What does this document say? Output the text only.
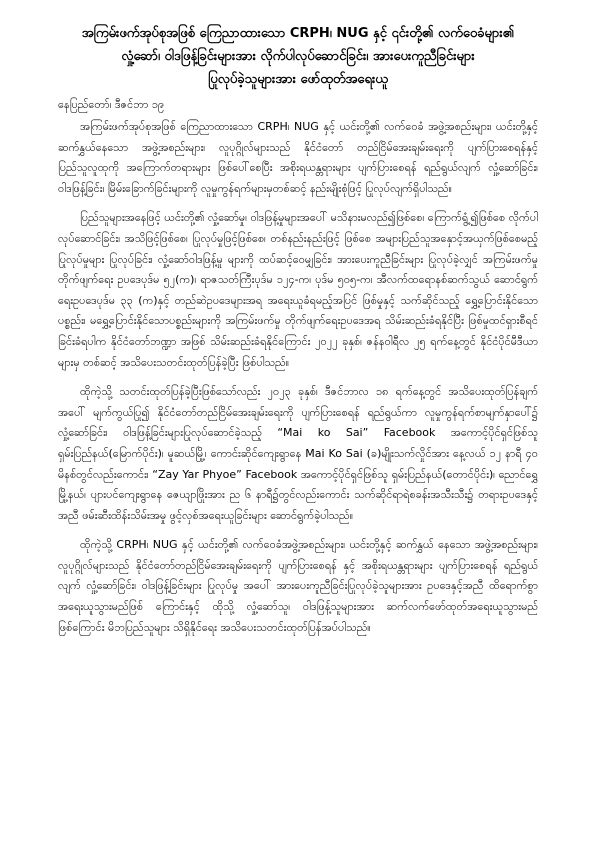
အကြမ်းဖက်အုပ်စုအဖြစ် ကြေညာထားသော CRPH၊ NUG နှင့် ၎င်းတို့၏ လက်ဝေခံများ၏
လှုံ့ဆော်၊ ဝါဒဖြန့်ခြင်းများအား လိုက်ပါလုပ်ဆောင်ခြင်း၊ အားပေးကူညီခြင်းများ
ပြုလုပ်ခဲ့သူများအား ဖော်ထုတ်အရေးယူ
နေပြည်တော်၊ ဒီဇင်ဘာ ၁၉

အကြမ်းဖက်အုပ်စုအဖြစ် ကြေညာထားသော CRPH၊ NUG နှင့် ယင်းတို့၏ လက်ဝေခံ အဖွဲ့အစည်းများ၊ ယင်းတို့နှင့် ဆက်နွှယ်နေသော အဖွဲ့အစည်းများ၊ လူပုဂ္ဂိုလ်များသည် နိုင်ငံတော် တည်ငြိမ်အေးချမ်းရေးကို ပျက်ပြားစေရန်နှင့် ပြည်သူလူထုကို အကြောက်တရားများ ဖြစ်ပေါ်စေပြီး အစိုးရယန္တရားများ ပျက်ပြားစေရန် ရည်ရွယ်လျက် လှုံ့ဆော်ခြင်း၊ ဝါဒဖြန့်ခြင်း၊ မြိမ်းခြောက်ခြင်းများကို လူမှုကွန်ရက်များမှတစ်ဆင့် နည်းမျိုးစုံဖြင့် ပြုလုပ်လျက်ရှိပါသည်။

ပြည်သူများအနေဖြင့် ယင်းတို့၏ လှုံ့ဆော်မှု၊ ဝါဒဖြန့်မှုများအပေါ် မသိနားမလည်၍ဖြစ်စေ၊ ကြောက်ရွံ့၍ဖြစ်စေ လိုက်ပါလုပ်ဆောင်ခြင်း၊ အသိဖြင့်ဖြစ်စေ၊ ပြုလုပ်မှုဖြင့်ဖြစ်စေ၊ တစ်နည်းနည်းဖြင့် ဖြစ်စေ အများပြည်သူအနှောင့်အယှက်ဖြစ်စေမည့် ပြုလုပ်မှုများ ပြုလုပ်ခြင်း၊ လှုံ့ဆော်ဝါဒဖြန့်မှု များကို ထပ်ဆင့်ဝေမျှခြင်း၊ အားပေးကူညီခြင်းများ ပြုလုပ်ခဲ့လျှင် အကြမ်းဖက်မှုတိုက်ဖျက်ရေး ဥပဒေပုဒ်မ ၅၂(က)၊ ရာဇသတ်ကြီးပုဒ်မ ၁၂၄-က၊ ပုဒ်မ ၅၀၅-က၊ အီလက်ထရောနစ်ဆက်သွယ် ဆောင်ရွက်ရေးဥပဒေပုဒ်မ ၃၃ (က)နှင့် တည်ဆဲဥပဒေများအရ အရေးယူခံရမည့်အပြင် ဖြစ်မှုနှင့် သက်ဆိုင်သည့် ရွှေ့ပြောင်းနိုင်သောပစ္စည်း၊ မရွှေ့ပြောင်းနိုင်သောပစ္စည်းများကို အကြမ်းဖက်မှု တိုက်ဖျက်ရေးဥပဒေအရ သိမ်းဆည်းခံရနိုင်ပြီး ဖြစ်မှုထင်ရှားစီရင်ခြင်းခံရပါက နိုင်ငံတော်ဘဏ္ဍာ အဖြစ် သိမ်းဆည်းခံရနိုင်ကြောင်း ၂၀၂၂ ခုနှစ်၊ ဇန်နဝါရီလ ၂၅ ရက်နေ့တွင် နိုင်ငံပိုင်မီဒီယာများမှ တစ်ဆင့် အသိပေးသတင်းထုတ်ပြန်ခဲ့ပြီး ဖြစ်ပါသည်။

ထိုကဲ့သို့ သတင်းထုတ်ပြန်ခဲ့ပြီးဖြစ်သော်လည်း ၂၀၂၃ ခုနှစ်၊ ဒီဇင်ဘာလ ၁၈ ရက်နေ့တွင် အသိပေးထုတ်ပြန်ချက်အပေါ် မျက်ကွယ်ပြု၍ နိုင်ငံတော်တည်ငြိမ်အေးချမ်းရေးကို ပျက်ပြားစေရန် ရည်ရွယ်ကာ လူမှုကွန်ရက်စာမျက်နှာပေါ်၌ လှုံ့ဆော်ခြင်း၊ ဝါဒဖြန့်ခြင်းများပြုလုပ်ဆောင်ခဲ့သည့် “Mai ko Sai” Facebook အကောင့်ပိုင်ရှင်ဖြစ်သူ ရှမ်းပြည်နယ်(မြောက်ပိုင်း)၊ မူဆယ်မြို့၊ ကောင်းဆိုင်ကျေးရွာနေ Mai Ko Sai (ခ)မျိုးသက်လှိုင်အား နေ့လယ် ၁၂ နာရီ ၄၀ မိနစ်တွင်လည်းကောင်း၊ “Zay Yar Phyoe” Facebook အကောင့်ပိုင်ရှင်ဖြစ်သူ ရှမ်းပြည်နယ်(တောင်ပိုင်း)၊ ညောင်ရွှေမြို့နယ်၊ ပျားပင်ကျေးရွာနေ ဇေယျာဖြိုးအား ည ၆ နာရီ၌တွင်လည်းကောင်း သက်ဆိုင်ရာရဲစခန်းအသီးသီး၌ တရားဥပဒေနှင့်အညီ ဖမ်းဆီးထိန်းသိမ်းအမှု ဖွင့်လှစ်အရေးယူခြင်းများ ဆောင်ရွက်ခဲ့ပါသည်။

ထိုကဲ့သို့ CRPH၊ NUG နှင့် ယင်းတို့၏ လက်ဝေခံအဖွဲ့အစည်းများ၊ ယင်းတို့နှင့် ဆက်နွှယ် နေသော အဖွဲ့အစည်းများ၊ လူပုဂ္ဂိုလ်များသည် နိုင်ငံတော်တည်ငြိမ်အေးချမ်းရေးကို ပျက်ပြားစေရန် နှင့် အစိုးရယန္တရားများ ပျက်ပြားစေရန် ရည်ရွယ်လျက် လှုံ့ဆော်ခြင်း၊ ဝါဒဖြန့်ခြင်းများ ပြုလုပ်မှု အပေါ် အားပေးကူညီခြင်းပြုလုပ်ခဲ့သူများအား ဥပဒေနှင့်အညီ ထိရောက်စွာ အရေးယူသွားမည်ဖြစ် ကြောင်းနှင့် ထိုသို့ လှုံ့ဆော်သူ၊ ဝါဒဖြန့်သူများအား ဆက်လက်ဖော်ထုတ်အရေးယူသွားမည်ဖြစ်ကြောင်း မိဘပြည်သူများ သိရှိနိုင်ရေး အသိပေးသတင်းထုတ်ပြန်အပ်ပါသည်။
